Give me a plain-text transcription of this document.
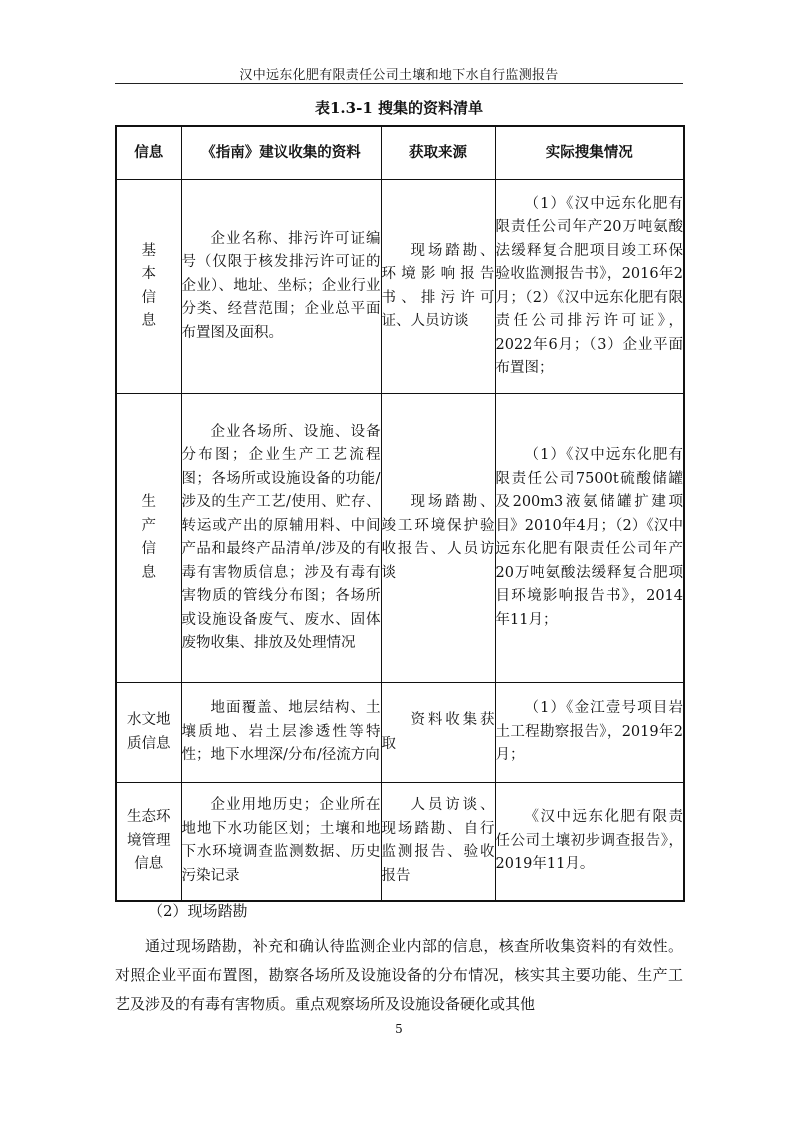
汉中远东化肥有限责任公司土壤和地下水自行监测报告
表1.3-1 搜集的资料清单
信息	《指南》建议收集的资料	获取来源	实际搜集情况
基本信息	企业名称、排污许可证编号（仅限于核发排污许可证的企业）、地址、坐标；企业行业分类、经营范围；企业总平面布置图及面积。	现场踏勘、环境影响报告书、排污许可证、人员访谈	（1）《汉中远东化肥有限责任公司年产20万吨氨酸法缓释复合肥项目竣工环保验收监测报告书》，2016年2月；（2）《汉中远东化肥有限责任公司排污许可证》，2022年6月；（3）企业平面布置图；
生产信息	企业各场所、设施、设备分布图；企业生产工艺流程图；各场所或设施设备的功能/涉及的生产工艺/使用、贮存、转运或产出的原辅用料、中间产品和最终产品清单/涉及的有毒有害物质信息；涉及有毒有害物质的管线分布图；各场所或设施设备废气、废水、固体废物收集、排放及处理情况	现场踏勘、竣工环境保护验收报告、人员访谈	（1）《汉中远东化肥有限责任公司7500t硫酸储罐及200m3液氨储罐扩建项目》2010年4月；（2）《汉中远东化肥有限责任公司年产20万吨氨酸法缓释复合肥项目环境影响报告书》，2014年11月；
水文地质信息	地面覆盖、地层结构、土壤质地、岩土层渗透性等特性；地下水埋深/分布/径流方向	资料收集获取	（1）《金江壹号项目岩土工程勘察报告》，2019年2月；
生态环境管理信息	企业用地历史；企业所在地地下水功能区划；土壤和地下水环境调查监测数据、历史污染记录	人员访谈、现场踏勘、自行监测报告、验收报告	《汉中远东化肥有限责任公司土壤初步调查报告》，2019年11月。
（2）现场踏勘
通过现场踏勘，补充和确认待监测企业内部的信息，核查所收集资料的有效性。对照企业平面布置图，勘察各场所及设施设备的分布情况，核实其主要功能、生产工艺及涉及的有毒有害物质。重点观察场所及设施设备硬化或其他
5
